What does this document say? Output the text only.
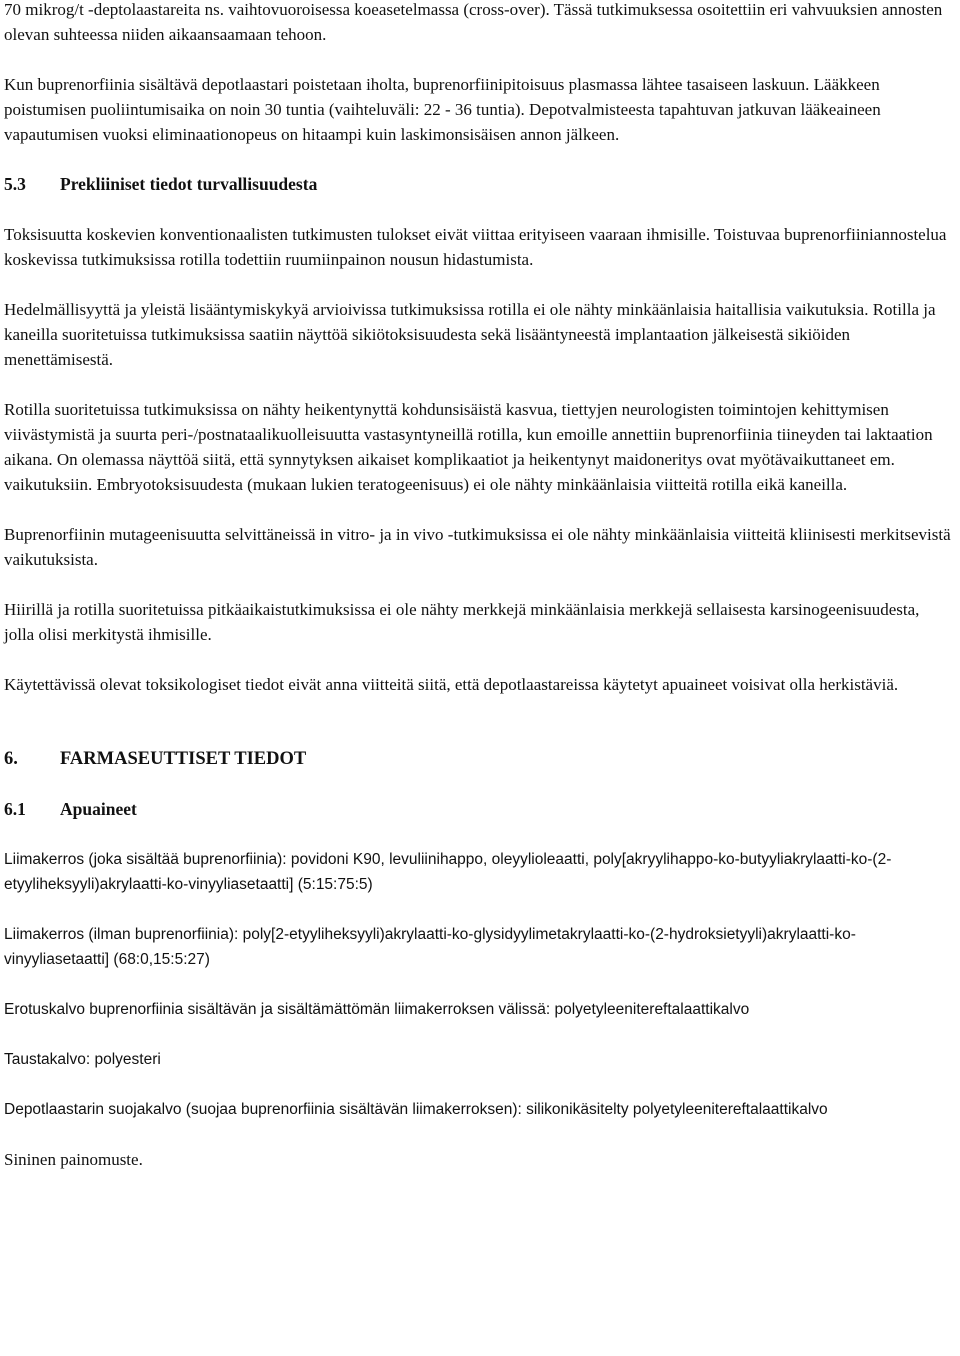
70 mikrog/t -deptolaastareita ns. vaihtovuoroisessa koeasetelmassa (cross-over). Tässä tutkimuksessa osoitettiin eri vahvuuksien annosten olevan suhteessa niiden aikaansaamaan tehoon.

Kun buprenorfiinia sisältävä depotlaastari poistetaan iholta, buprenorfiinipitoisuus plasmassa lähtee tasaiseen laskuun. Lääkkeen poistumisen puoliintumisaika on noin 30 tuntia (vaihteluväli: 22 - 36 tuntia). Depotvalmisteesta tapahtuvan jatkuvan lääkeaineen vapautumisen vuoksi eliminaationopeus on hitaampi kuin laskimonsisäisen annon jälkeen.

5.3 Prekliiniset tiedot turvallisuudesta

Toksisuutta koskevien konventionaalisten tutkimusten tulokset eivät viittaa erityiseen vaaraan ihmisille. Toistuvaa buprenorfiiniannostelua koskevissa tutkimuksissa rotilla todettiin ruumiinpainon nousun hidastumista.

Hedelmällisyyttä ja yleistä lisääntymiskykyä arvioivissa tutkimuksissa rotilla ei ole nähty minkäänlaisia haitallisia vaikutuksia. Rotilla ja kaneilla suoritetuissa tutkimuksissa saatiin näyttöä sikiötoksisuudesta sekä lisääntyneestä implantaation jälkeisestä sikiöiden menettämisestä.

Rotilla suoritetuissa tutkimuksissa on nähty heikentynyttä kohdunsisäistä kasvua, tiettyjen neurologisten toimintojen kehittymisen viivästymistä ja suurta peri-/postnataalikuolleisuutta vastasyntyneillä rotilla, kun emoille annettiin buprenorfiinia tiineyden tai laktaation aikana. On olemassa näyttöä siitä, että synnytyksen aikaiset komplikaatiot ja heikentynyt maidoneritys ovat myötävaikuttaneet em. vaikutuksiin. Embryotoksisuudesta (mukaan lukien teratogeenisuus) ei ole nähty minkäänlaisia viitteitä rotilla eikä kaneilla.

Buprenorfiinin mutageenisuutta selvittäneissä in vitro- ja in vivo -tutkimuksissa ei ole nähty minkäänlaisia viitteitä kliinisesti merkitsevistä vaikutuksista.

Hiirillä ja rotilla suoritetuissa pitkäaikaistutkimuksissa ei ole nähty merkkejä minkäänlaisia merkkejä sellaisesta karsinogeenisuudesta, jolla olisi merkitystä ihmisille.

Käytettävissä olevat toksikologiset tiedot eivät anna viitteitä siitä, että depotlaastareissa käytetyt apuaineet voisivat olla herkistäviä.

6. FARMASEUTTISET TIEDOT

6.1 Apuaineet

Liimakerros (joka sisältää buprenorfiinia): povidoni K90, levuliinihappo, oleyylioleaatti, poly[akryylihappo-ko-butyyliakrylaatti-ko-(2-etyyliheksyyli)akrylaatti-ko-vinyyliasetaatti] (5:15:75:5)

Liimakerros (ilman buprenorfiinia): poly[2-etyyliheksyyli)akrylaatti-ko-glysidyylimetakrylaatti-ko-(2-hydroksietyyli)akrylaatti-ko-vinyyliasetaatti] (68:0,15:5:27)

Erotuskalvo buprenorfiinia sisältävän ja sisältämättömän liimakerroksen välissä: polyetyleenitereftalaattikalvo

Taustakalvo: polyesteri

Depotlaastarin suojakalvo (suojaa buprenorfiinia sisältävän liimakerroksen): silikonikäsitelty polyetyleenitereftalaattikalvo

Sininen painomuste.
